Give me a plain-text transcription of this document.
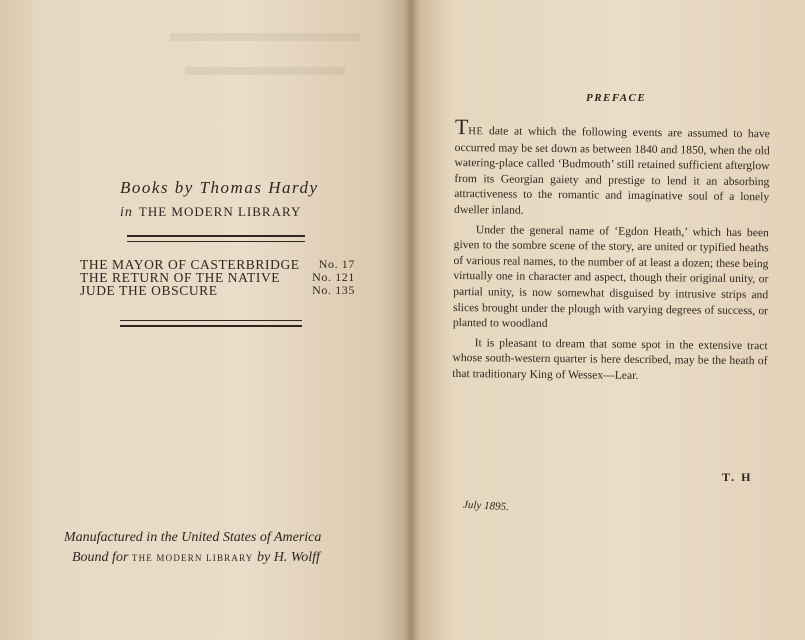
Books by Thomas Hardy
in THE MODERN LIBRARY
THE MAYOR OF CASTERBRIDGE No. 17
THE RETURN OF THE NATIVE	No. 121
JUDE THE OBSCURE	No. 135
Manufactured in the United States of America
Bound for THE MODERN LIBRARY by H. Wolff
PREFACE

THE date at which the following events are assumed to have occurred may be set down as between 1840 and 1850, when the old watering-place called ‘Budmouth’ still retained sufficient afterglow from its Georgian gaiety and prestige to lend it an absorbing attractiveness to the romantic and imaginative soul of a lonely dweller inland.

Under the general name of ‘Egdon Heath,’ which has been given to the sombre scene of the story, are united or typified heaths of various real names, to the number of at least a dozen; these being virtually one in character and aspect, though their original unity, or partial unity, is now somewhat disguised by intrusive strips and slices brought under the plough with varying degrees of success, or planted to woodland

It is pleasant to dream that some spot in the extensive tract whose south-western quarter is here described, may be the heath of that traditionary King of Wessex—Lear.

T. H
July 1895.
